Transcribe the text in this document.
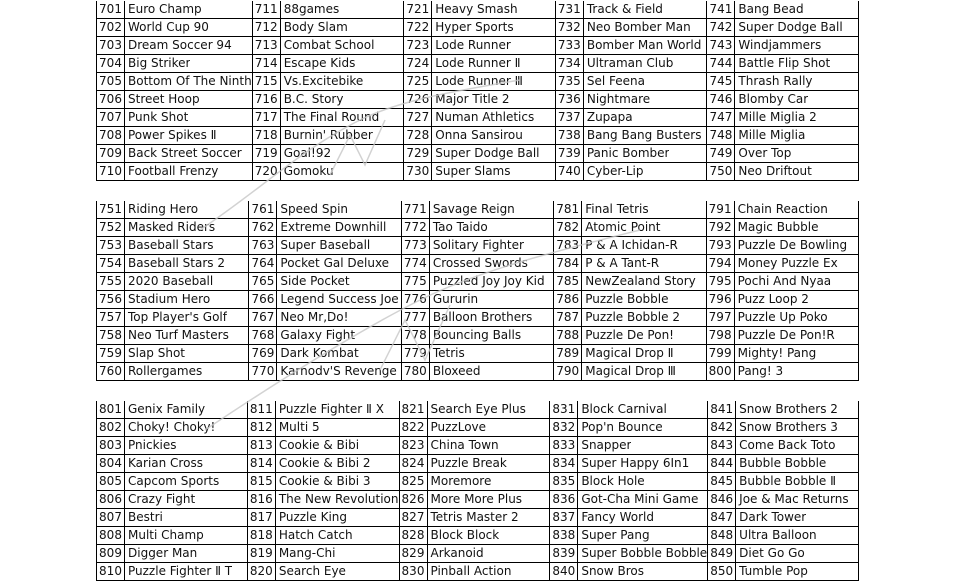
701 Euro Champ
702 World Cup 90
703 Dream Soccer 94
704 Big Striker
705 Bottom Of The Ninth
706 Street Hoop
707 Punk Shot
708 Power Spikes Ⅱ
709 Back Street Soccer
710 Football Frenzy
711 88games
712 Body Slam
713 Combat School
714 Escape Kids
715 Vs.Excitebike
716 B.C. Story
717 The Final Round
718 Burnin' Rubber
719 Goal!92
720 Gomoku
721 Heavy Smash
722 Hyper Sports
723 Lode Runner
724 Lode Runner Ⅱ
725 Lode Runner Ⅲ
726 Major Title 2
727 Numan Athletics
728 Onna Sansirou
729 Super Dodge Ball
730 Super Slams
731 Track & Field
732 Neo Bomber Man
733 Bomber Man World
734 Ultraman Club
735 Sel Feena
736 Nightmare
737 Zupapa
738 Bang Bang Busters
739 Panic Bomber
740 Cyber-Lip
741 Bang Bead
742 Super Dodge Ball
743 Windjammers
744 Battle Flip Shot
745 Thrash Rally
746 Blomby Car
747 Mille Miglia 2
748 Mille Miglia
749 Over Top
750 Neo Driftout
751 Riding Hero
752 Masked Riders
753 Baseball Stars
754 Baseball Stars 2
755 2020 Baseball
756 Stadium Hero
757 Top Player's Golf
758 Neo Turf Masters
759 Slap Shot
760 Rollergames
761 Speed Spin
762 Extreme Downhill
763 Super Baseball
764 Pocket Gal Deluxe
765 Side Pocket
766 Legend Success Joe
767 Neo Mr,Do!
768 Galaxy Fight
769 Dark Kombat
770 Karnodv'S Revenge
771 Savage Reign
772 Tao Taido
773 Solitary Fighter
774 Crossed Swords
775 Puzzled Joy Joy Kid
776 Gururin
777 Balloon Brothers
778 Bouncing Balls
779 Tetris
780 Bloxeed
781 Final Tetris
782 Atomic Point
783 P & A Ichidan-R
784 P & A Tant-R
785 NewZealand Story
786 Puzzle Bobble
787 Puzzle Bobble 2
788 Puzzle De Pon!
789 Magical Drop Ⅱ
790 Magical Drop Ⅲ
791 Chain Reaction
792 Magic Bubble
793 Puzzle De Bowling
794 Money Puzzle Ex
795 Pochi And Nyaa
796 Puzz Loop 2
797 Puzzle Up Poko
798 Puzzle De Pon!R
799 Mighty! Pang
800 Pang! 3
801 Genix Family
802 Choky! Choky!
803 Pnickies
804 Karian Cross
805 Capcom Sports
806 Crazy Fight
807 Bestri
808 Multi Champ
809 Digger Man
810 Puzzle Fighter Ⅱ T
811 Puzzle Fighter Ⅱ X
812 Multi 5
813 Cookie & Bibi
814 Cookie & Bibi 2
815 Cookie & Bibi 3
816 The New Revolution
817 Puzzle King
818 Hatch Catch
819 Mang-Chi
820 Search Eye
821 Search Eye Plus
822 PuzzLove
823 China Town
824 Puzzle Break
825 Moremore
826 More More Plus
827 Tetris Master 2
828 Block Block
829 Arkanoid
830 Pinball Action
831 Block Carnival
832 Pop'n Bounce
833 Snapper
834 Super Happy 6In1
835 Block Hole
836 Got-Cha Mini Game
837 Fancy World
838 Super Pang
839 Super Bobble Bobble
840 Snow Bros
841 Snow Brothers 2
842 Snow Brothers 3
843 Come Back Toto
844 Bubble Bobble
845 Bubble Bobble Ⅱ
846 Joe & Mac Returns
847 Dark Tower
848 Ultra Balloon
849 Diet Go Go
850 Tumble Pop
